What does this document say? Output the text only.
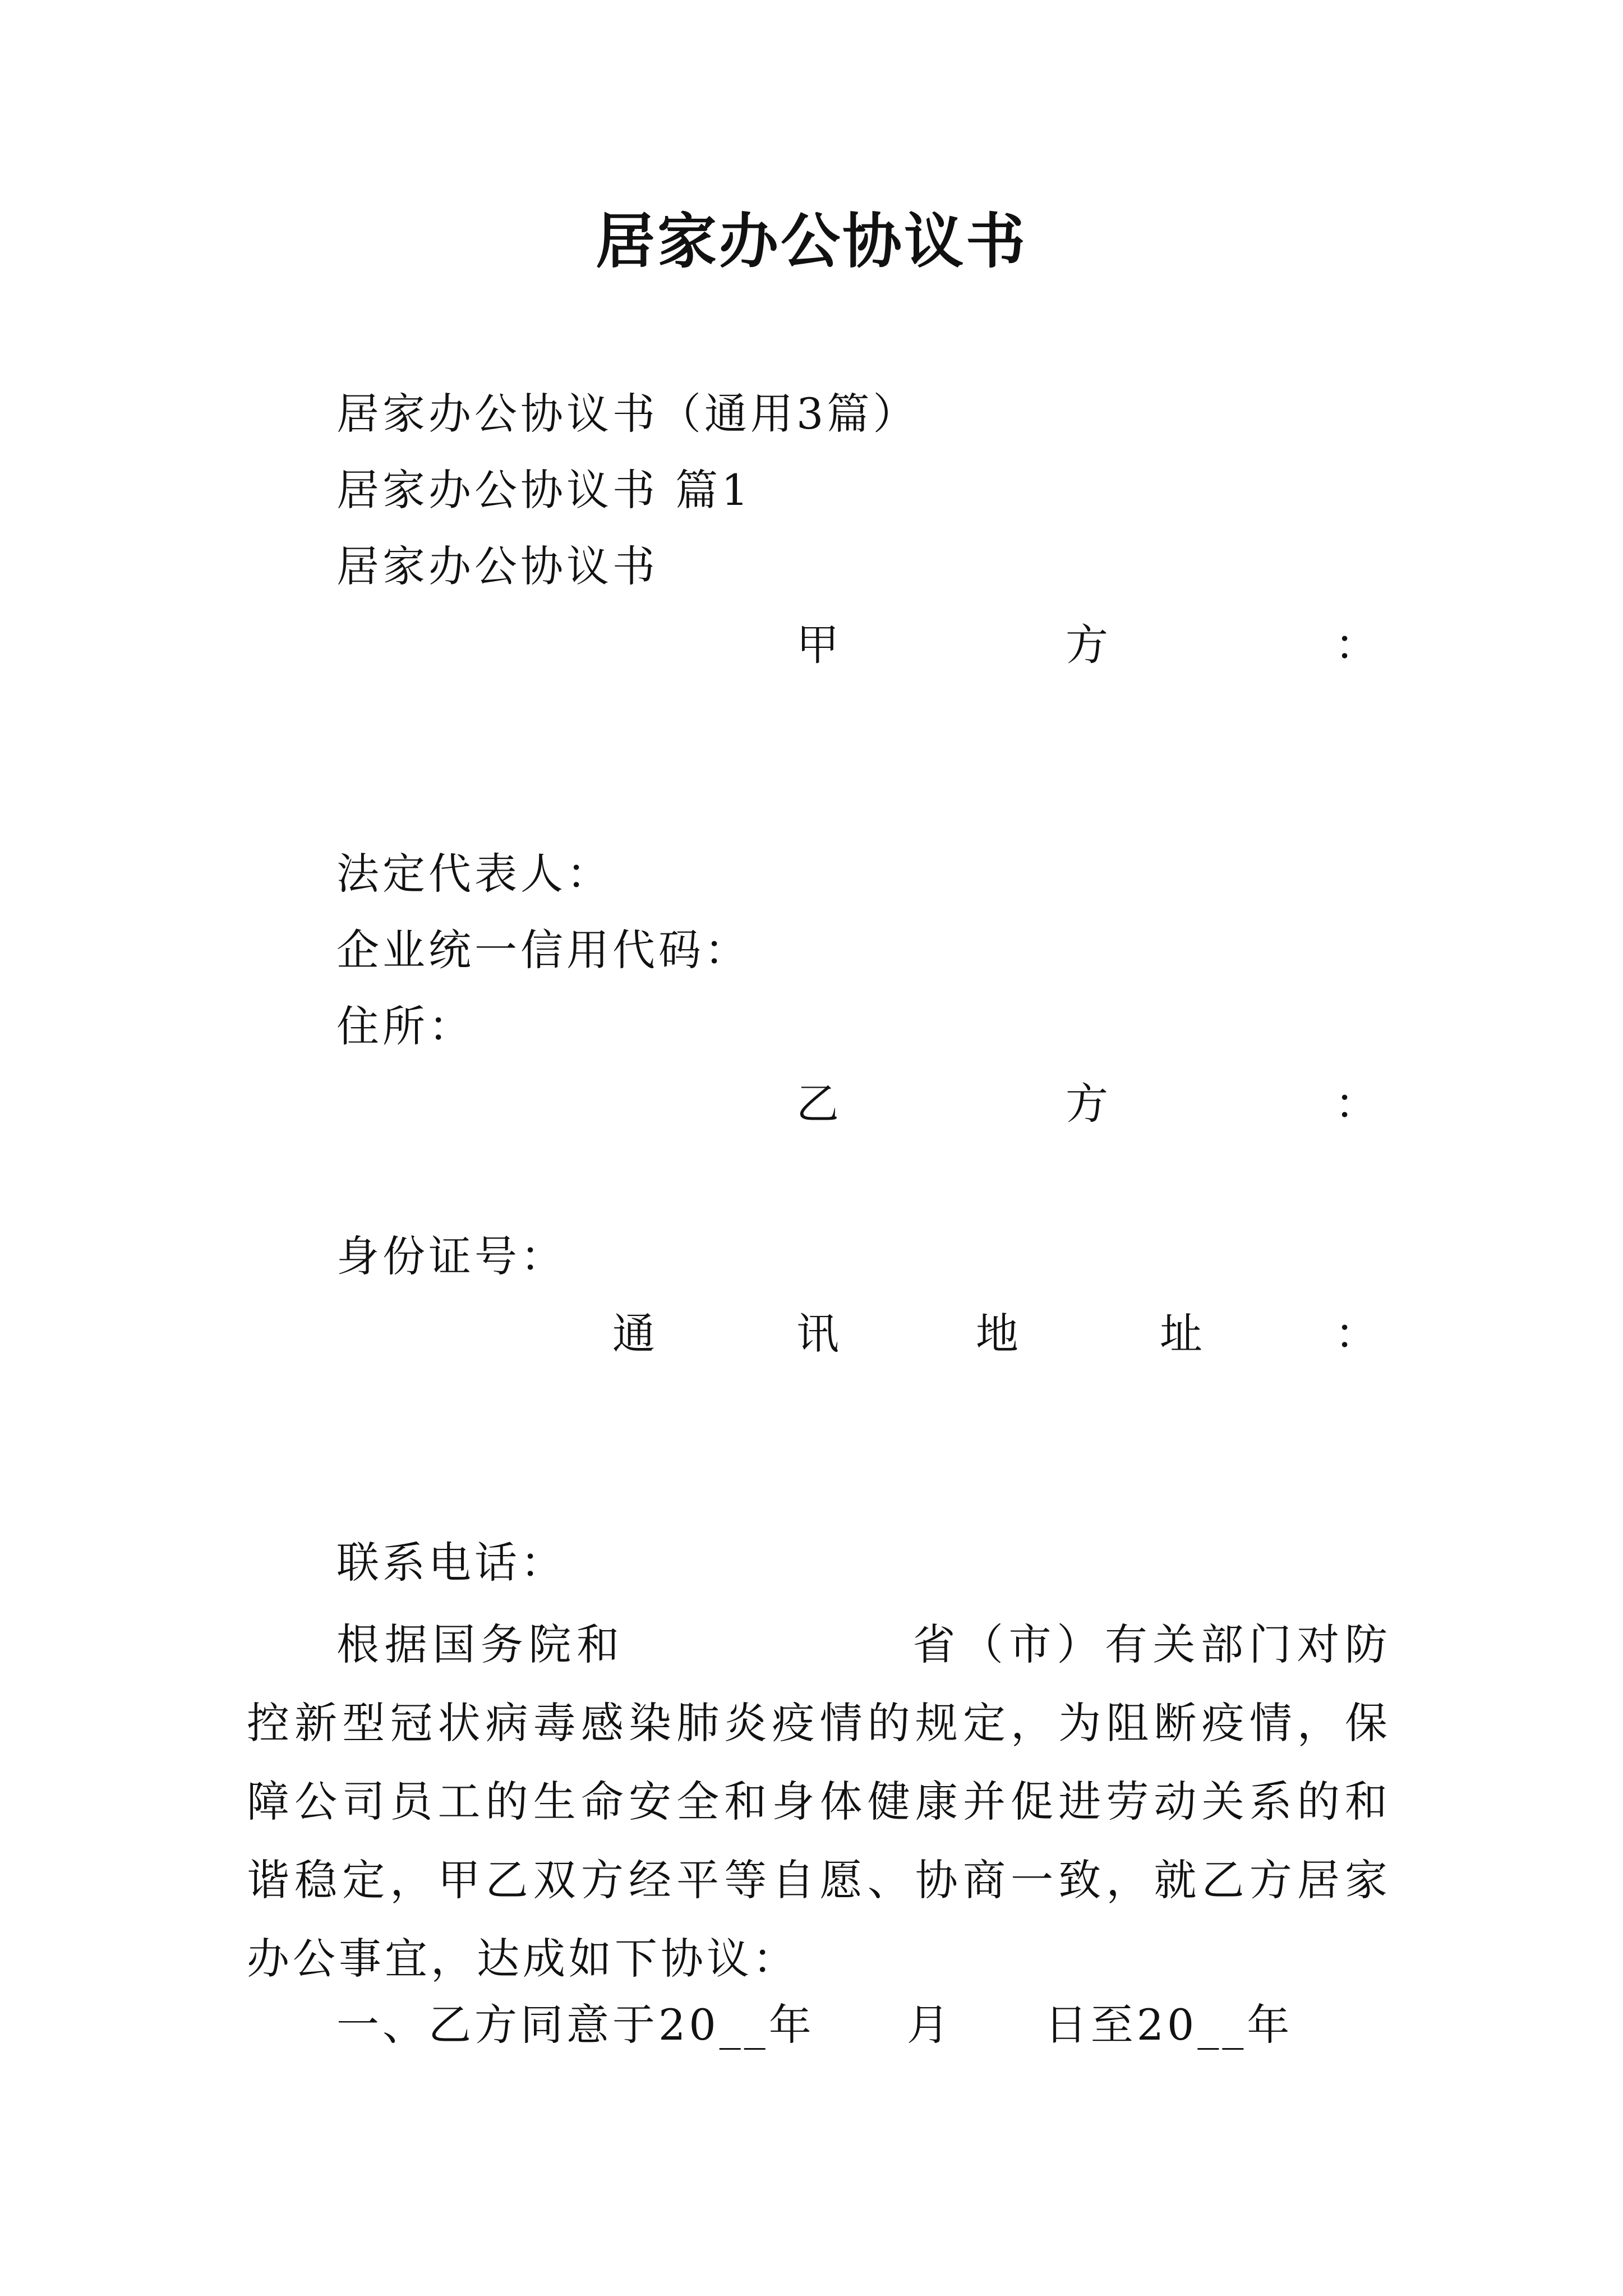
居家办公协议书
居家办公协议书（通用3篇）
居家办公协议书 篇1
居家办公协议书
甲	方	：
法定代表人：
企业统一信用代码：
住所：
乙	方	：
身份证号：
通	讯	地	址	：
联系电话：
根据国务院和　　　　　　省（市）有关部门对防控新型冠状病毒感染肺炎疫情的规定，为阻断疫情，保障公司员工的生命安全和身体健康并促进劳动关系的和谐稳定，甲乙双方经平等自愿、协商一致，就乙方居家办公事宜，达成如下协议：
一、乙方同意于20__年　　月　　日至20__年
